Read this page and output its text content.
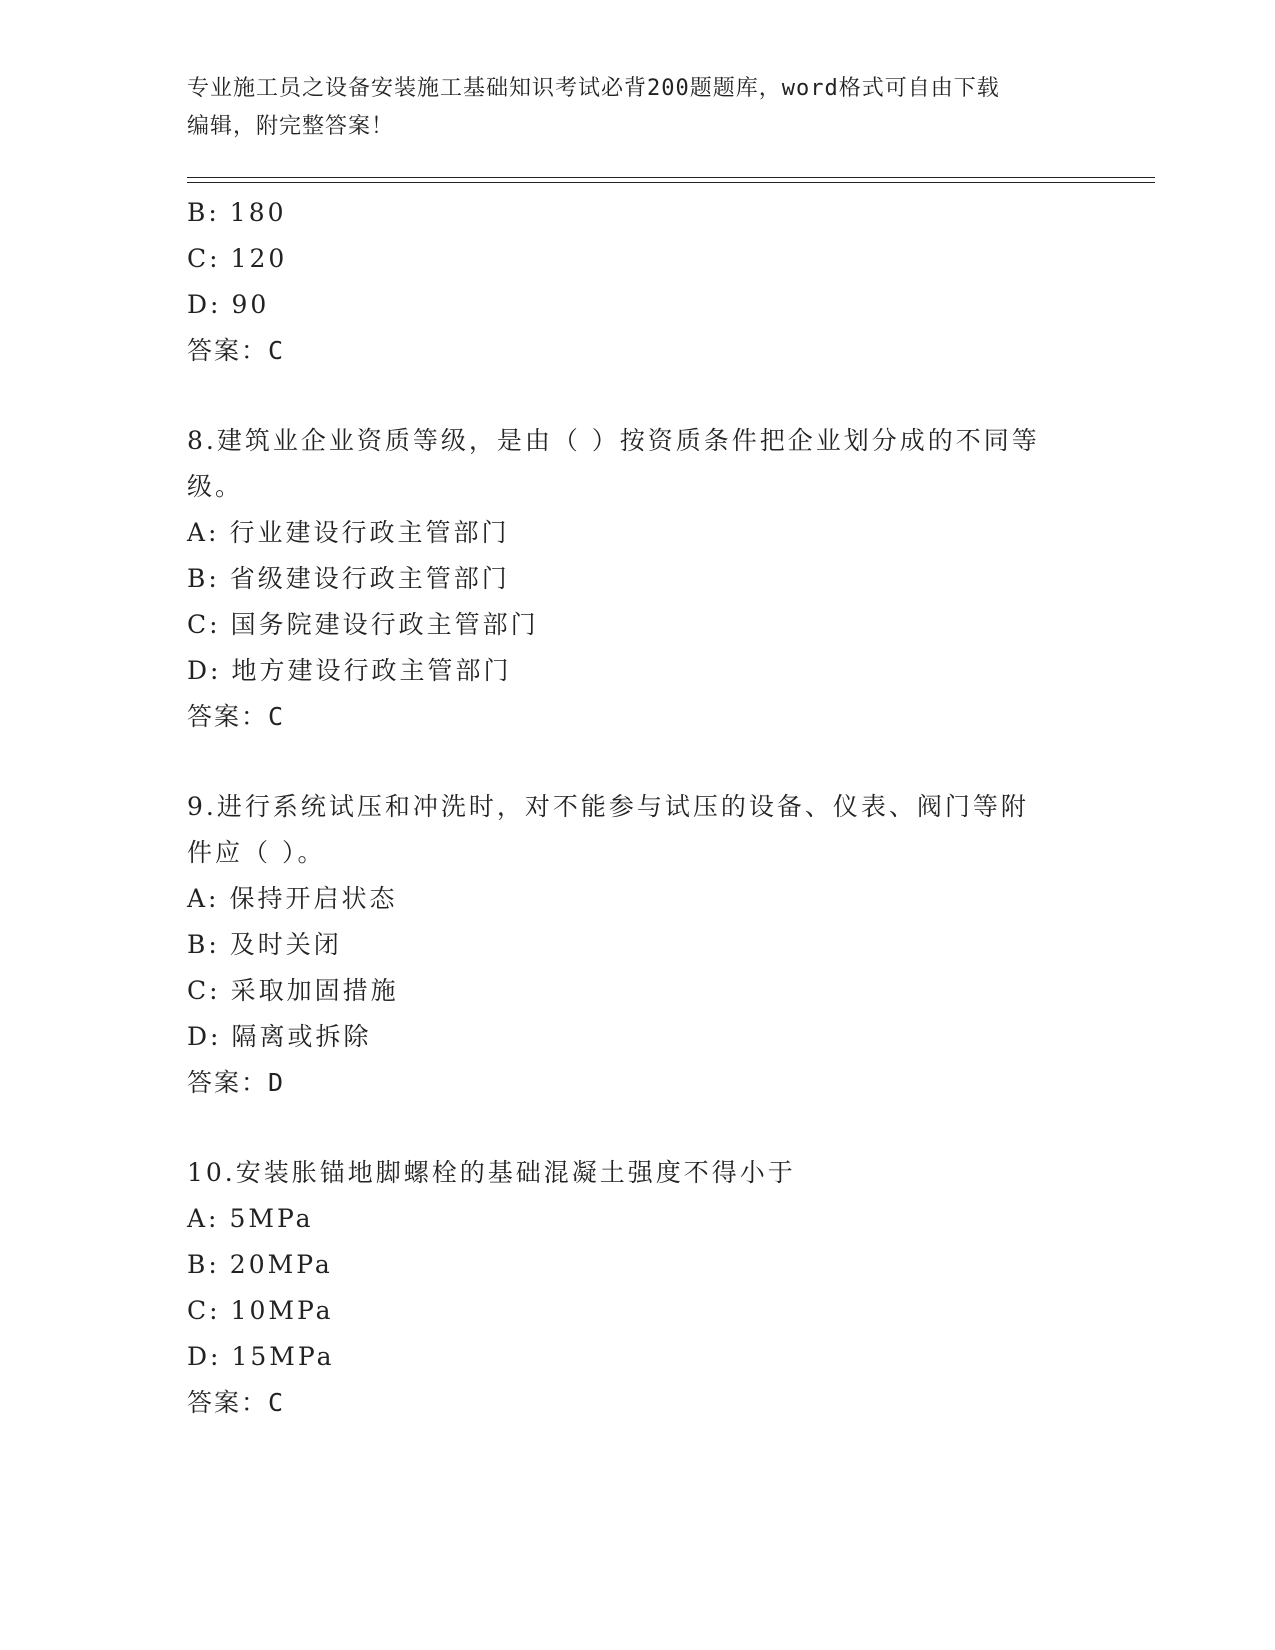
专业施工员之设备安装施工基础知识考试必背200题题库，word格式可自由下载
编辑，附完整答案！
B: 180
C: 120
D: 90
答案：C
8.建筑业企业资质等级，是由（ ）按资质条件把企业划分成的不同等
级。
A: 行业建设行政主管部门
B: 省级建设行政主管部门
C: 国务院建设行政主管部门
D: 地方建设行政主管部门
答案：C
9.进行系统试压和冲洗时，对不能参与试压的设备、仪表、阀门等附
件应（ ）。
A: 保持开启状态
B: 及时关闭
C: 采取加固措施
D: 隔离或拆除
答案：D
10.安装胀锚地脚螺栓的基础混凝土强度不得小于
A: 5MPa
B: 20MPa
C: 10MPa
D: 15MPa
答案：C
